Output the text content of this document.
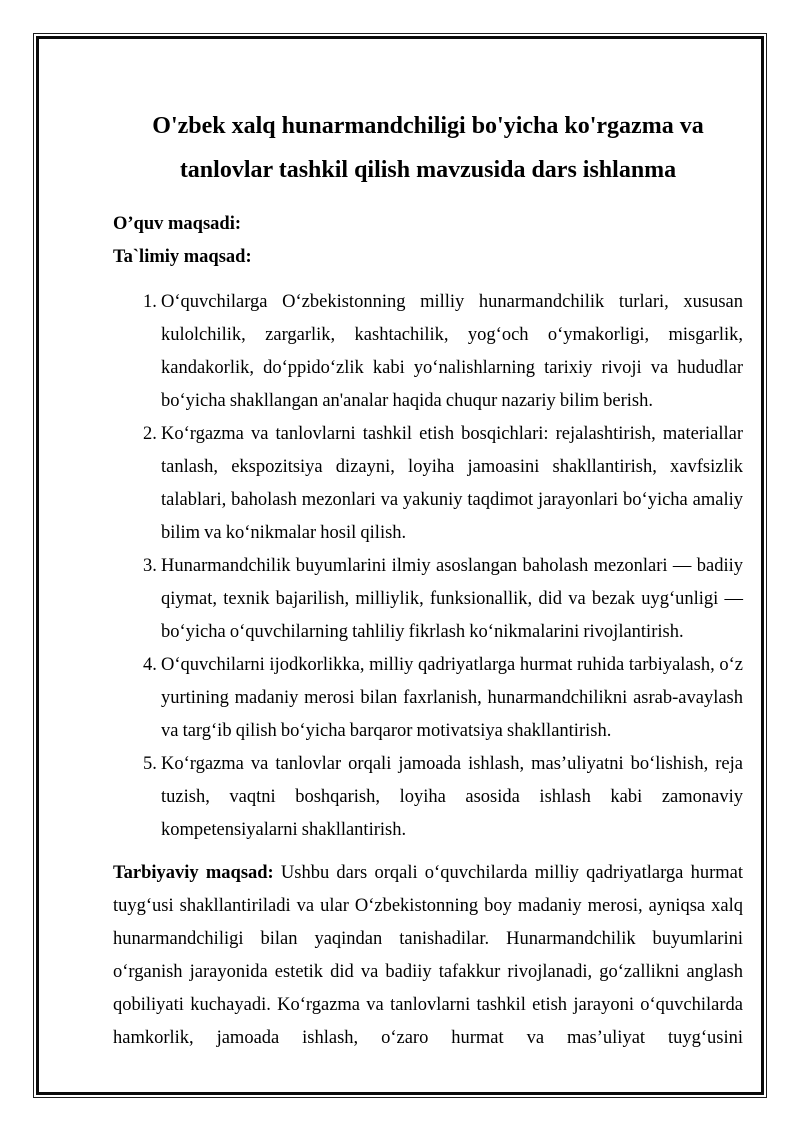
O'zbek xalq hunarmandchiligi bo'yicha ko'rgazma va
tanlovlar tashkil qilish mavzusida dars ishlanma

O’quv maqsadi:

Ta`limiy maqsad:

1. Oʻquvchilarga Oʻzbekistonning milliy hunarmandchilik turlari, xususan kulolchilik, zargarlik, kashtachilik, yogʻoch oʻymakorligi, misgarlik, kandakorlik, doʻppidoʻzlik kabi yoʻnalishlarning tarixiy rivoji va hududlar boʻyicha shakllangan an'analar haqida chuqur nazariy bilim berish.
2. Koʻrgazma va tanlovlarni tashkil etish bosqichlari: rejalashtirish, materiallar tanlash, ekspozitsiya dizayni, loyiha jamoasini shakllantirish, xavfsizlik talablari, baholash mezonlari va yakuniy taqdimot jarayonlari boʻyicha amaliy bilim va koʻnikmalar hosil qilish.
3. Hunarmandchilik buyumlarini ilmiy asoslangan baholash mezonlari — badiiy qiymat, texnik bajarilish, milliylik, funksionallik, did va bezak uygʻunligi — boʻyicha oʻquvchilarning tahliliy fikrlash koʻnikmalarini rivojlantirish.
4. Oʻquvchilarni ijodkorlikka, milliy qadriyatlarga hurmat ruhida tarbiyalash, oʻz yurtining madaniy merosi bilan faxrlanish, hunarmandchilikni asrab-avaylash va targʻib qilish boʻyicha barqaror motivatsiya shakllantirish.
5. Koʻrgazma va tanlovlar orqali jamoada ishlash, mas’uliyatni boʻlishish, reja tuzish, vaqtni boshqarish, loyiha asosida ishlash kabi zamonaviy kompetensiyalarni shakllantirish.

Tarbiyaviy maqsad: Ushbu dars orqali oʻquvchilarda milliy qadriyatlarga hurmat tuygʻusi shakllantiriladi va ular Oʻzbekistonning boy madaniy merosi, ayniqsa xalq hunarmandchiligi bilan yaqindan tanishadilar. Hunarmandchilik buyumlarini oʻrganish jarayonida estetik did va badiiy tafakkur rivojlanadi, goʻzallikni anglash qobiliyati kuchayadi. Koʻrgazma va tanlovlarni tashkil etish jarayoni oʻquvchilarda hamkorlik, jamoada ishlash, oʻzaro hurmat va mas’uliyat tuygʻusini
